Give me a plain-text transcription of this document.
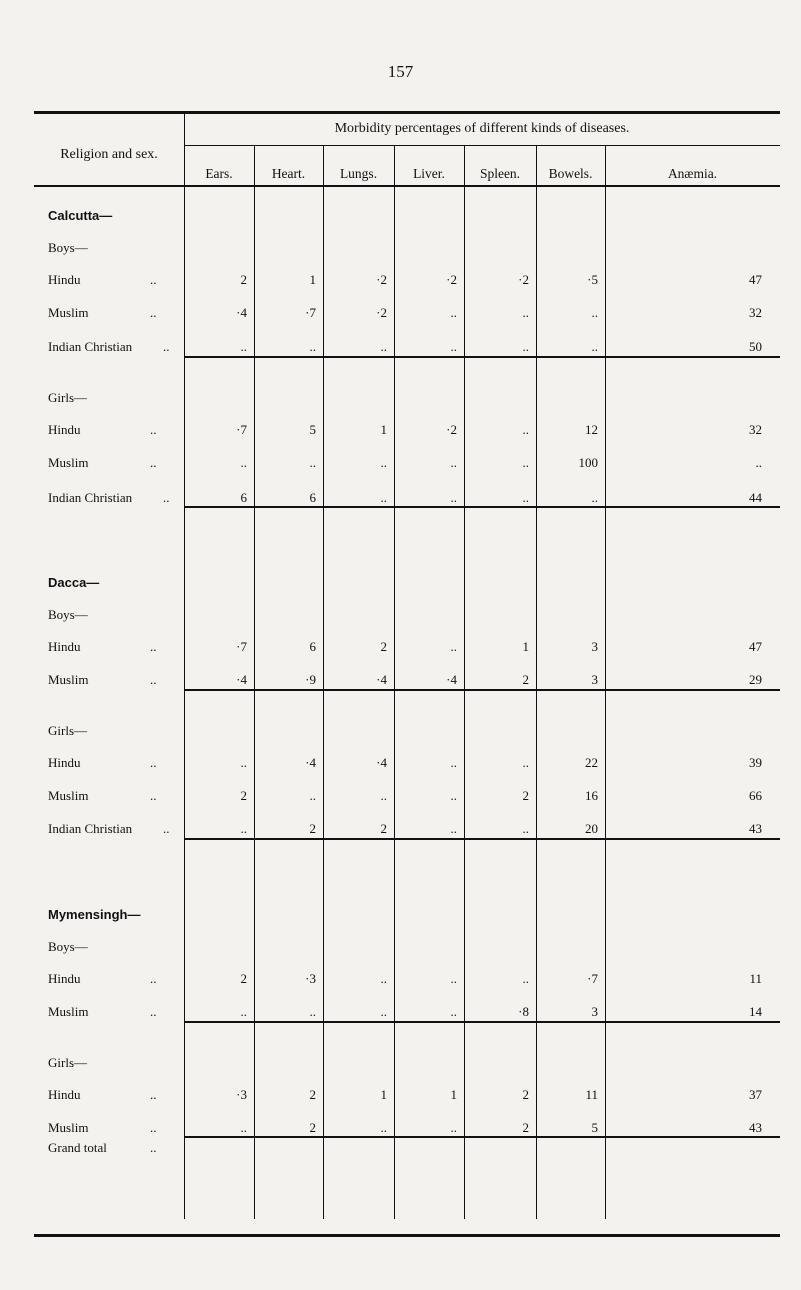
157
Morbidity percentages of different kinds of diseases.
Religion and sex.
Ears.	Heart.	Lungs.	Liver.	Spleen.	Bowels.	Anæmia.
Calcutta—
Boys—
Hindu	..	2	1	·2	·2	·2	·5	47
Muslim	..	·4	·7	·2	..	..	..	32
Indian Christian ..	..	..	..	..	..	..	50
Girls—
Hindu	..	·7	5	1	·2	..	12	32
Muslim	..	..	..	..	..	..	100	..
Indian Christian ..	6	6	..	..	..	..	44
Dacca—
Boys—
Hindu	..	·7	6	2	..	1	3	47
Muslim	..	·4	·9	·4	·4	2	3	29
Girls—
Hindu	..	..	·4	·4	..	..	22	39
Muslim	..	2	..	..	..	2	16	66
Indian Christian ..	..	2	2	..	..	20	43
Mymensingh—
Boys—
Hindu	..	2	·3	..	..	..	·7	11
Muslim	..	..	..	..	..	·8	3	14
Girls—
Hindu	..	·3	2	1	1	2	11	37
Muslim	..	..	2	..	..	2	5	43
Grand total	..
